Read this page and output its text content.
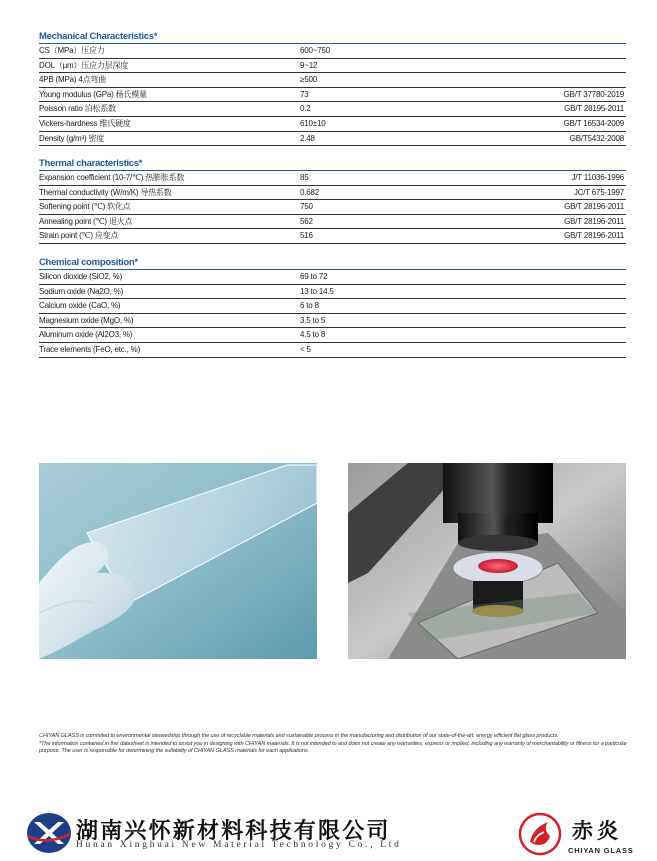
Mechanical Characteristics*
CS（MPa）压应力	600~750
DOL（μm）压应力层深度	9~12
4PB (MPa) 4点弯曲	≥500
Young modulus (GPa) 杨氏模量	73	GB/T 37780-2019
Poisson ratio 泊松系数	0.2	GB/T 28195-2011
Vickers-hardness 维氏硬度	610±10	GB/T 16534-2009
Density (g/m³) 密度	2.48	GB/T5432-2008
Thermal characteristics*
Expansion coefficient (10-7/℃) 热膨胀系数	85	J/T 11036-1996
Thermal conductivity (W/m/K) 导热系数	0.682	JC/T 675-1997
Softening point (℃) 软化点	750	GB/T 28196-2011
Annealing point (℃) 退火点	562	GB/T 28196-2011
Strain point (℃) 应变点	516	GB/T 28196-2011
Chemical composition*
Silicon dioxide (SiO2, %)	69 to 72
Sodium oxide (Na2O, %)	13 to 14.5
Calcium oxide (CaO, %)	6 to 8
Magnesium oxide (MgO, %)	3.5 to 5
Aluminum oxide (Al2O3, %)	4.5 to 8
Trace elements (FeO, etc., %)	< 5
CHIYAN GLASS is commited to environmental stewardship through the use of recyclable materials and sustainable process in the manufacturing and distribution of our state-of-the-art, energy efficient flat glass products.
*The information contained in this datasheet is intended to assist you in designing with CHIYAN materials. It is not intended to and does not create any warranties, express or implied, including any warranty of merchantability or fitness for a particular purpose. The user is responsible for determining the suitability of CHIYAN GLASS materials for each applications.
湖南兴怀新材料科技有限公司
Hunan Xinghuai New Material Technology Co., Ltd
赤炎
CHIYAN GLASS
